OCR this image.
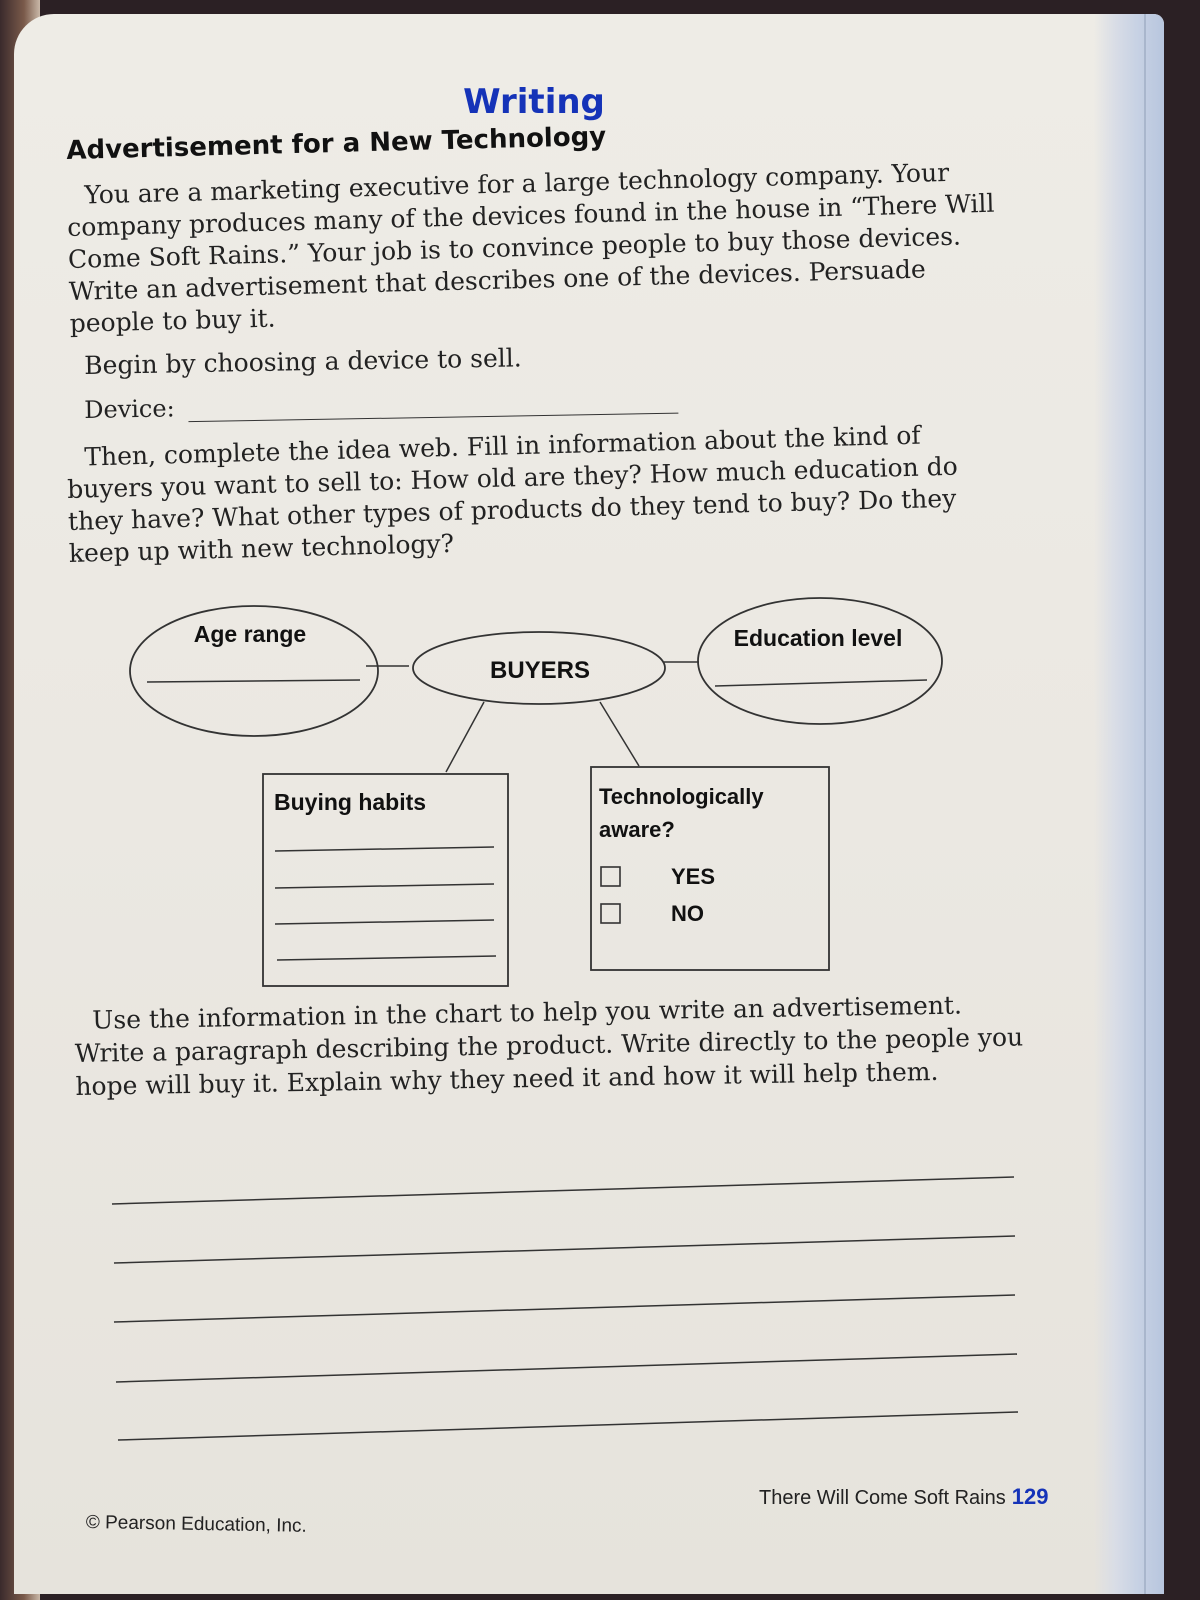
Writing
Advertisement for a New Technology
You are a marketing executive for a large technology company. Your company produces many of the devices found in the house in “There Will Come Soft Rains.” Your job is to convince people to buy those devices. Write an advertisement that describes one of the devices. Persuade people to buy it.
Begin by choosing a device to sell.
Device:
Then, complete the idea web. Fill in information about the kind of buyers you want to sell to: How old are they? How much education do they have? What other types of products do they tend to buy? Do they keep up with new technology?
BUYERS
Age range	Education level
Buying habits	Technologically
aware?
YES
NO
Use the information in the chart to help you write an advertisement. Write a paragraph describing the product. Write directly to the people you hope will buy it. Explain why they need it and how it will help them.
© Pearson Education, Inc.
There Will Come Soft Rains 129
